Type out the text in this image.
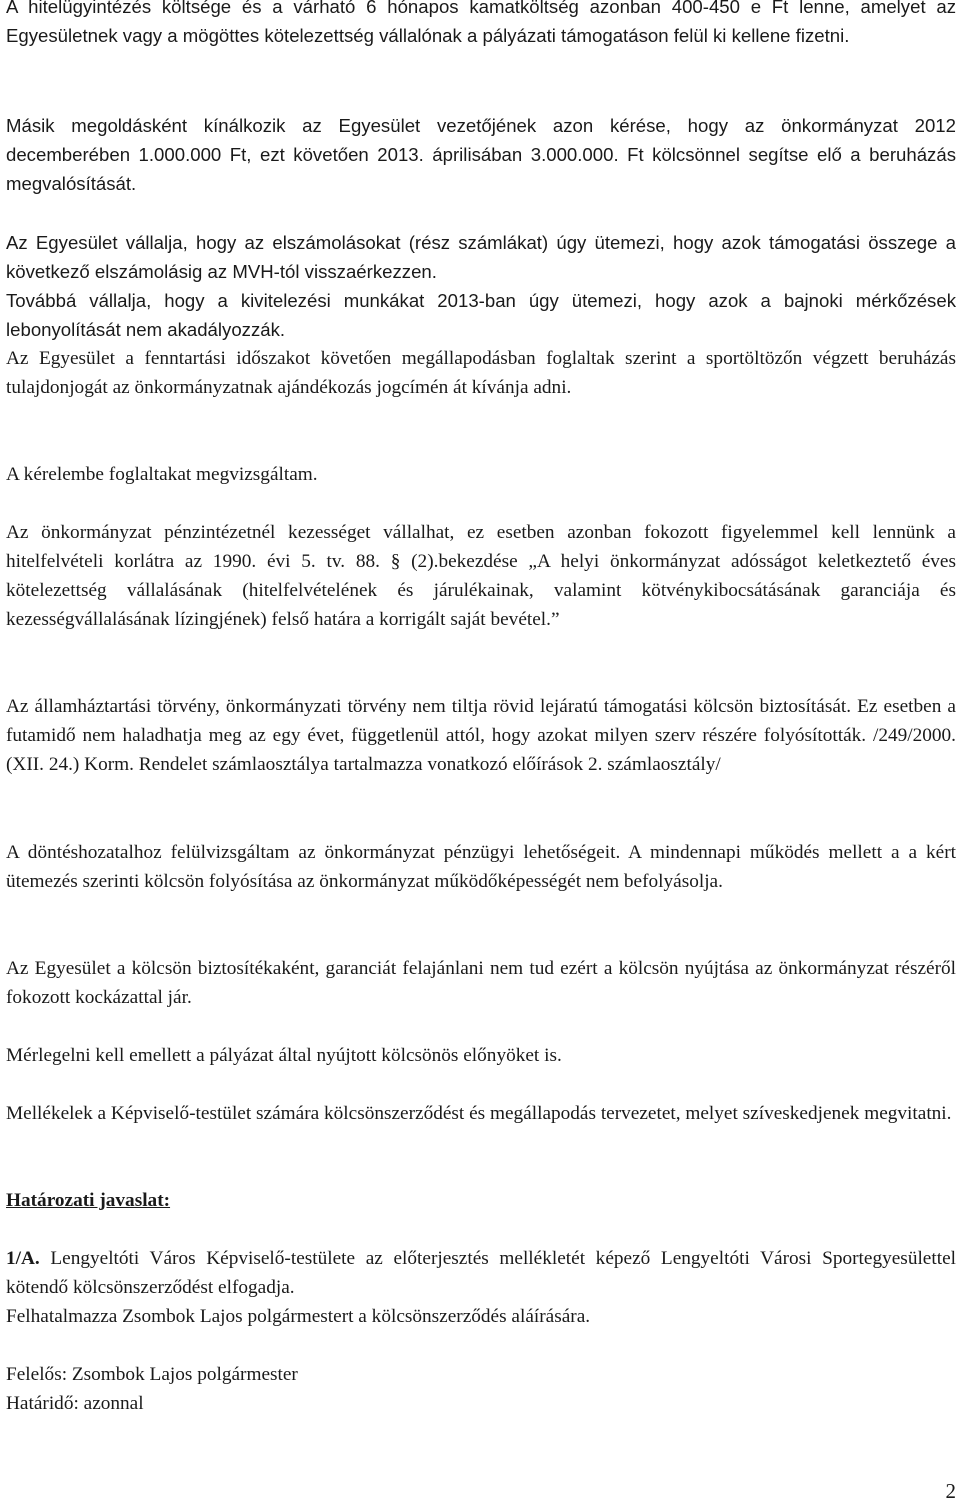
A hitelügyintézés költsége és a várható 6 hónapos kamatköltség azonban 400-450 e Ft lenne, amelyet az Egyesületnek vagy a mögöttes kötelezettség vállalónak a pályázati támogatáson felül ki kellene fizetni.

Másik megoldásként kínálkozik az Egyesület vezetőjének azon kérése, hogy az önkormányzat 2012 decemberében 1.000.000 Ft, ezt követően 2013. áprilisában 3.000.000. Ft kölcsönnel segítse elő a beruházás megvalósítását.

Az Egyesület vállalja, hogy az elszámolásokat (rész számlákat) úgy ütemezi, hogy azok támogatási összege a következő elszámolásig az MVH-tól visszaérkezzen.

Továbbá vállalja, hogy a kivitelezési munkákat 2013-ban úgy ütemezi, hogy azok a bajnoki mérkőzések lebonyolítását nem akadályozzák.

Az Egyesület a fenntartási időszakot követően megállapodásban foglaltak szerint a sportöltözőn végzett beruházás tulajdonjogát az önkormányzatnak ajándékozás jogcímén át kívánja adni.

A kérelembe foglaltakat megvizsgáltam.

Az önkormányzat pénzintézetnél kezességet vállalhat, ez esetben azonban fokozott figyelemmel kell lennünk a hitelfelvételi korlátra az 1990. évi 5. tv. 88. § (2).bekezdése „A helyi önkormányzat adósságot keletkeztető éves kötelezettség vállalásának (hitelfelvételének és járulékainak, valamint kötvénykibocsátásának garanciája és kezességvállalásának lízingjének) felső határa a korrigált saját bevétel.”

Az államháztartási törvény, önkormányzati törvény nem tiltja rövid lejáratú támogatási kölcsön biztosítását. Ez esetben a futamidő nem haladhatja meg az egy évet, függetlenül attól, hogy azokat milyen szerv részére folyósították. /249/2000.(XII. 24.) Korm. Rendelet számlaosztálya tartalmazza vonatkozó előírások 2. számlaosztály/

A döntéshozatalhoz felülvizsgáltam az önkormányzat pénzügyi lehetőségeit. A mindennapi működés mellett a a kért ütemezés szerinti kölcsön folyósítása az önkormányzat működőképességét nem befolyásolja.

Az Egyesület a kölcsön biztosítékaként, garanciát felajánlani nem tud ezért a kölcsön nyújtása az önkormányzat részéről fokozott kockázattal jár.

Mérlegelni kell emellett a pályázat által nyújtott kölcsönös előnyöket is.

Mellékelek a Képviselő-testület számára kölcsönszerződést és megállapodás tervezetet, melyet szíveskedjenek megvitatni.

Határozati javaslat:

1/A. Lengyeltóti Város Képviselő-testülete az előterjesztés mellékletét képező Lengyeltóti Városi Sportegyesülettel kötendő kölcsönszerződést elfogadja.

Felhatalmazza Zsombok Lajos polgármestert a kölcsönszerződés aláírására.

Felelős: Zsombok Lajos polgármester

Határidő: azonnal

2
